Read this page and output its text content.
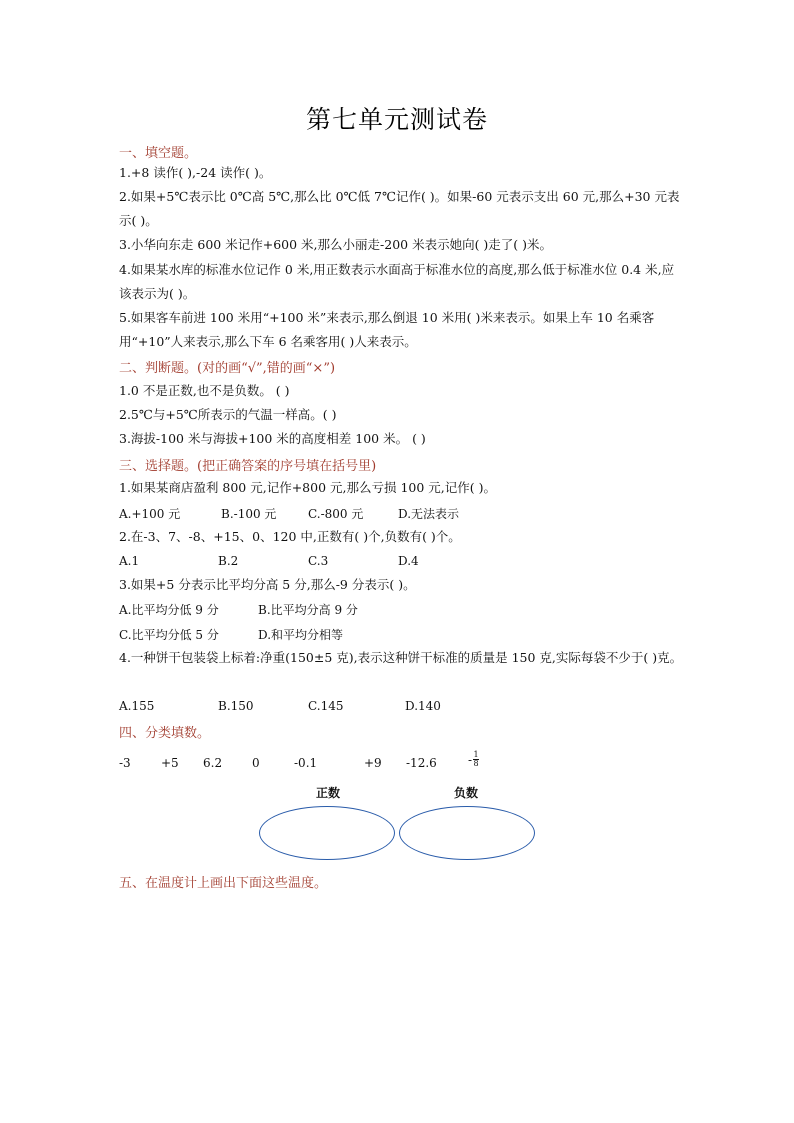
第七单元测试卷
一、填空题。
1.+8 读作( ),-24 读作( )。
2.如果+5℃表示比 0℃高 5℃,那么比 0℃低 7℃记作( )。如果-60 元表示支出 60 元,那么+30 元表示( )。
3.小华向东走 600 米记作+600 米,那么小丽走-200 米表示她向( )走了( )米。
4.如果某水库的标准水位记作 0 米,用正数表示水面高于标准水位的高度,那么低于标准水位 0.4 米,应该表示为( )。
5.如果客车前进 100 米用“+100 米”来表示,那么倒退 10 米用( )米来表示。如果上车 10 名乘客用“+10”人来表示,那么下车 6 名乘客用( )人来表示。
二、判断题。(对的画“√”,错的画“×”)
1.0 不是正数,也不是负数。 ( )
2.5℃与+5℃所表示的气温一样高。( )
3.海拔-100 米与海拔+100 米的高度相差 100 米。 ( )
三、选择题。(把正确答案的序号填在括号里)
1.如果某商店盈利 800 元,记作+800 元,那么亏损 100 元,记作( )。
A.+100 元	B.-100 元	C.-800 元	D.无法表示
2.在-3、7、-8、+15、0、120 中,正数有( )个,负数有( )个。
A.1	B.2	C.3	D.4
3.如果+5 分表示比平均分高 5 分,那么-9 分表示( )。
A.比平均分低 9 分	B.比平均分高 9 分
C.比平均分低 5 分	D.和平均分相等
4.一种饼干包装袋上标着:净重(150±5 克),表示这种饼干标准的质量是 150 克,实际每袋不少于( )克。
A.155	B.150	C.145	D.140
四、分类填数。
-3	+5 6.2 0	-0.1	+9 -12.6	- 1
8
正数	负数
五、在温度计上画出下面这些温度。
